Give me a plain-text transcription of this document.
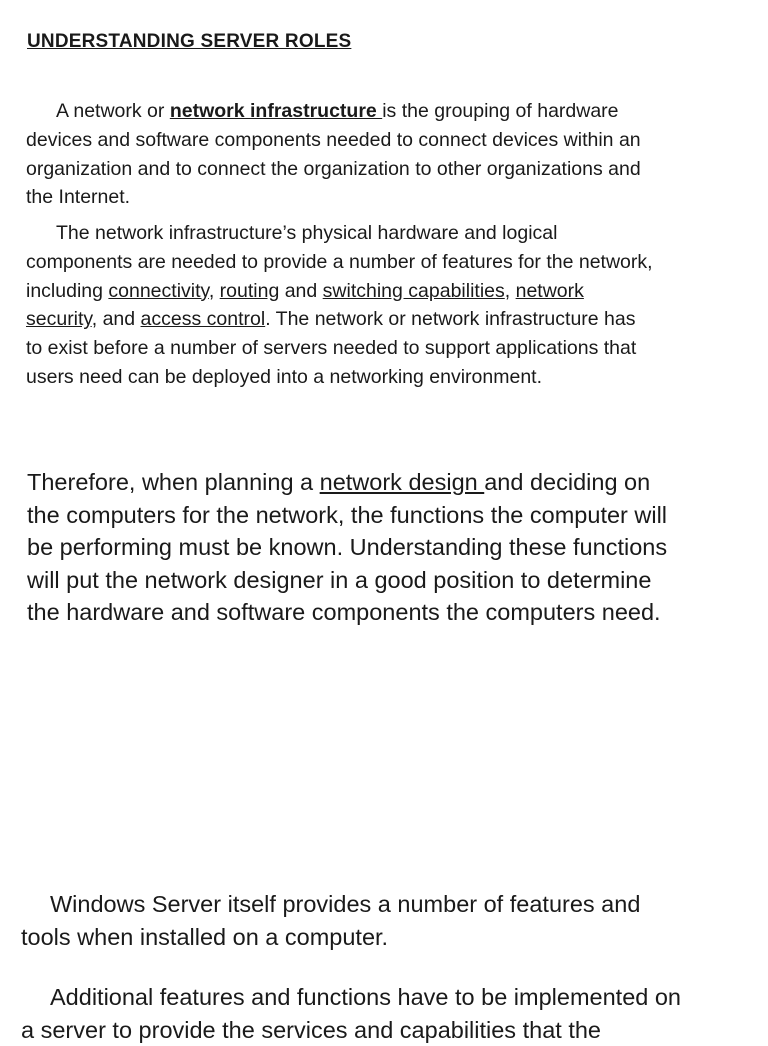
UNDERSTANDING SERVER ROLES

A network or network infrastructure is the grouping of hardware
devices and software components needed to connect devices within an
organization and to connect the organization to other organizations and
the Internet.

The network infrastructure’s physical hardware and logical
components are needed to provide a number of features for the network,
including connectivity, routing and switching capabilities, network
security, and access control. The network or network infrastructure has
to exist before a number of servers needed to support applications that
users need can be deployed into a networking environment.

Therefore, when planning a network design and deciding on
the computers for the network, the functions the computer will
be performing must be known. Understanding these functions
will put the network designer in a good position to determine
the hardware and software components the computers need.

Windows Server itself provides a number of features and
tools when installed on a computer.

Additional features and functions have to be implemented on
a server to provide the services and capabilities that the
